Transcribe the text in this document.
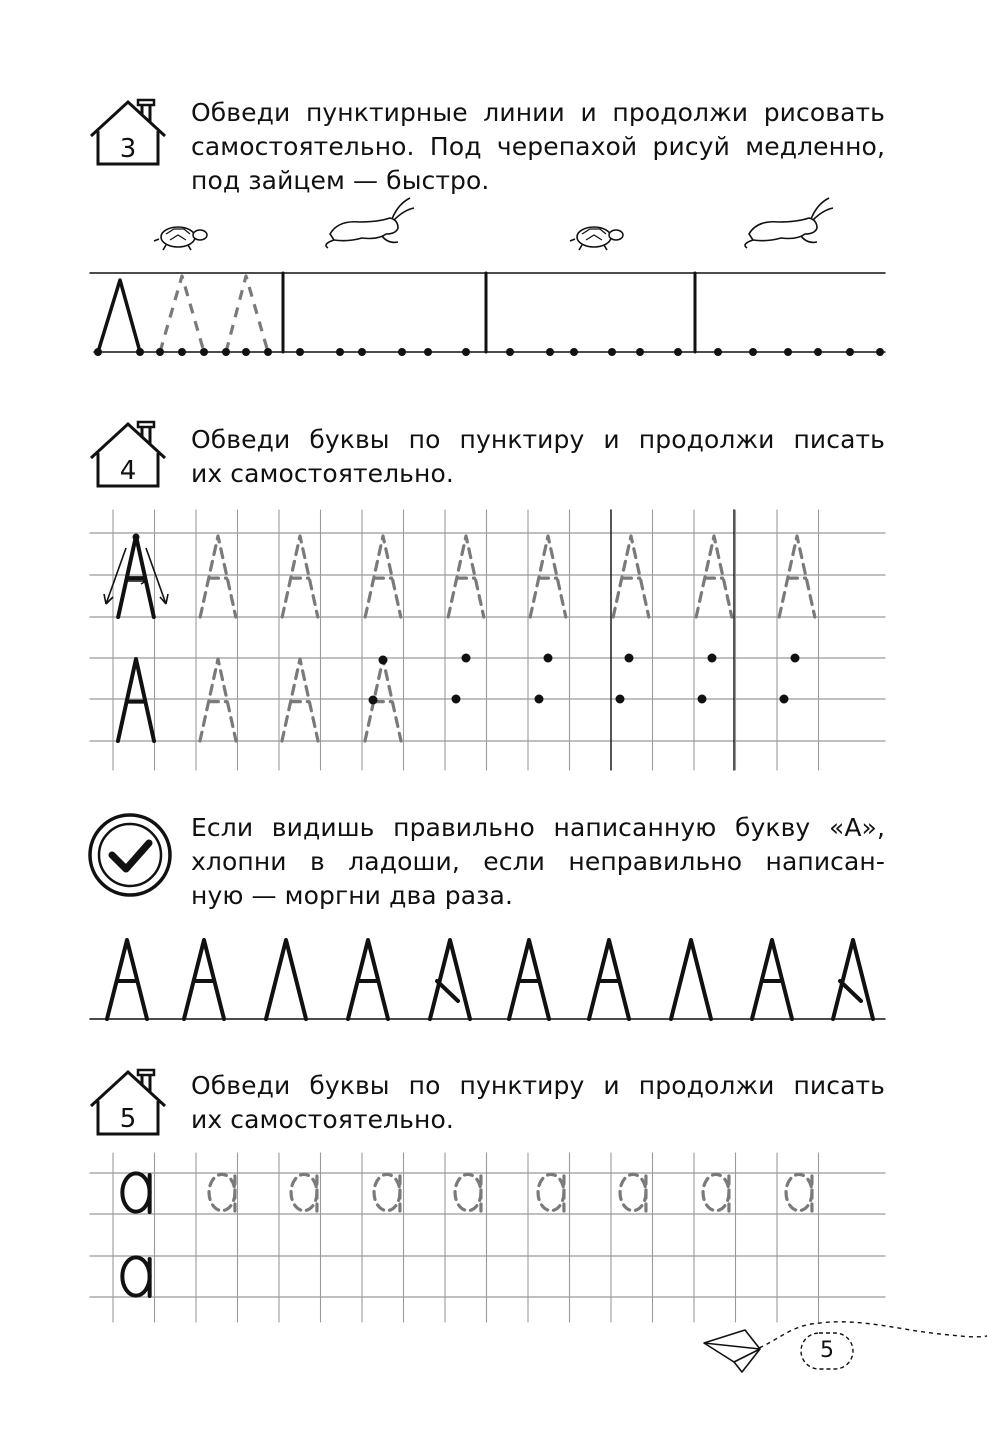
3
Обведи пунктирные линии и продолжи рисовать
самостоятельно. Под черепахой рисуй медленно,
под зайцем — быстро.
4
Обведи буквы по пунктиру и продолжи писать
их самостоятельно.
Если видишь правильно написанную букву «А»,
хлопни в ладоши, если неправильно написан-
ную — моргни два раза.
5
Обведи буквы по пунктиру и продолжи писать
их самостоятельно.
5
